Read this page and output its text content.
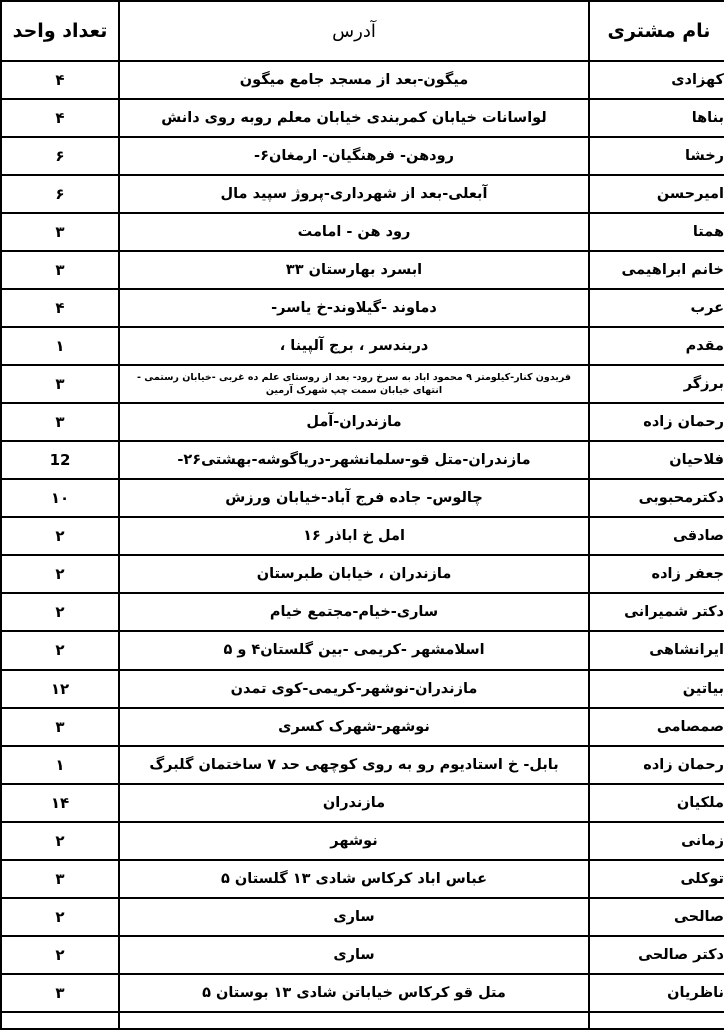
تعداد واحد	آدرس	نام مشتری
۴	میگون-بعد از مسجد جامع میگون	کهزادی
۴	لواسانات خیابان کمربندی خیابان معلم روبه روی دانش	بناها
۶	رودهن- فرهنگیان- ارمغان۶-	رخشا
۶	آبعلی-بعد از شهرداری-پروژ سپید مال	امیرحسن
۳	رود هن - امامت	همتا
۳	ابسرد بهارستان ۳۳	خانم ابراهیمی
۴	دماوند -گیلاوند-خ یاسر-	عرب
۱	دربندسر ، برج آلپینا ،	مقدم
۳	فریدون کنار-کیلومتر ۹ محمود اباد به سرخ رود- بعد از روستای علم ده غربی -خیابان رستمی - انتهای خیابان سمت چپ شهرک آرمین	برزگر
۳	مازندران-آمل	رحمان زاده
12	مازندران-متل قو-سلمانشهر-دریاگوشه-بهشتی۲۶-	فلاحیان
۱۰	چالوس- جاده فرج آباد-خیابان ورزش	دکترمحبوبی
۲	امل خ اباذر ۱۶	صادقی
۲	مازندران ، خیابان طبرستان	جعفر زاده
۲	ساری-خیام-مجتمع خیام	دکتر شمیرانی
۲	اسلامشهر -کریمی -بین گلستان۴ و ۵	ایرانشاهی
۱۲	مازندران-نوشهر-کریمی-کوی تمدن	بیاتین
۳	نوشهر-شهرک کسری	صمصامی
۱	بابل- خ استادیوم رو به روی کوچهی حد ۷ ساختمان گلبرگ	رحمان زاده
۱۴	مازندران	ملکیان
۲	نوشهر	زمانی
۳	عباس اباد کرکاس شادی ۱۳ گلستان ۵	توکلی
۲	ساری	صالحی
۲	ساری	دکتر صالحی
۳	متل قو کرکاس خیاباتن شادی ۱۳ بوستان ۵	ناظریان
